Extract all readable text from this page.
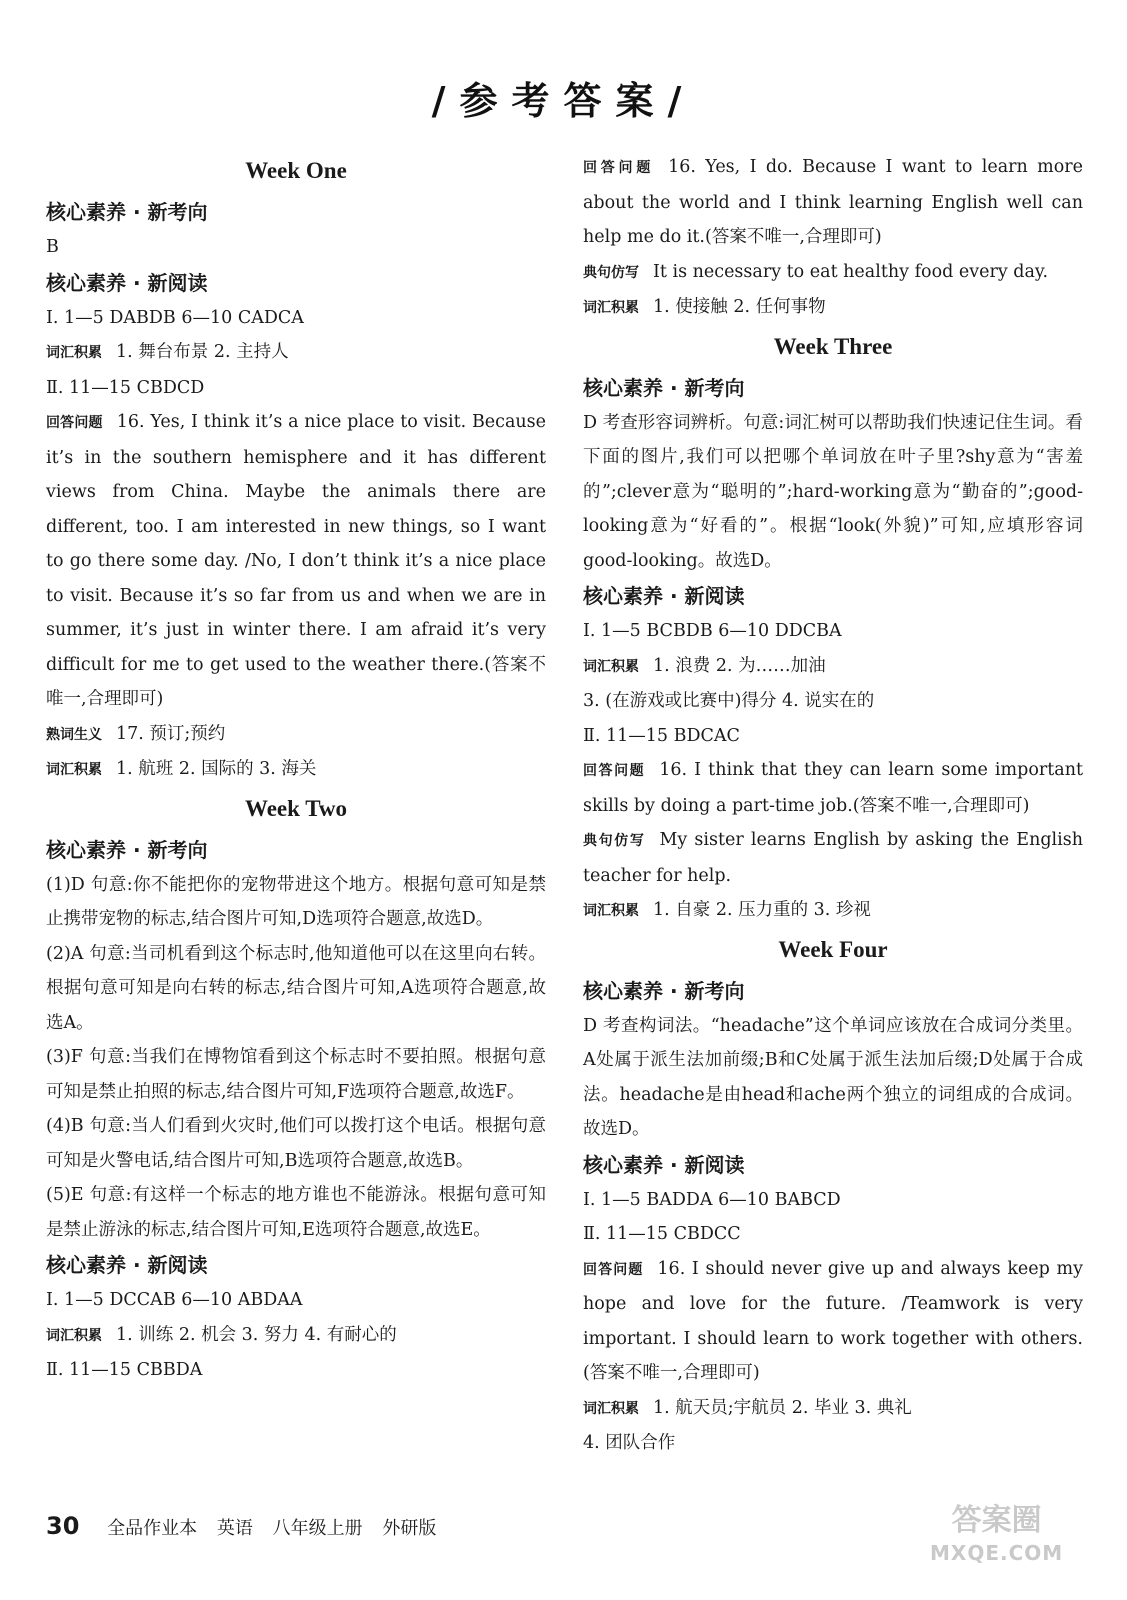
/参考答案/
Week One
核心素养 · 新考向
B
核心素养 · 新阅读
Ⅰ. 1—5 DABDB 6—10 CADCA
词汇积累 1. 舞台布景 2. 主持人
Ⅱ. 11—15 CBDCD
回答问题 16. Yes, I think it’s a nice place to visit. Because it’s in the southern hemisphere and it has different views from China. Maybe the animals there are different, too. I am interested in new things, so I want to go there some day. /No, I don’t think it’s a nice place to visit. Because it’s so far from us and when we are in summer, it’s just in winter there. I am afraid it’s very difficult for me to get used to the weather there.(答案不唯一,合理即可)
熟词生义 17. 预订;预约
词汇积累 1. 航班 2. 国际的 3. 海关
Week Two
核心素养 · 新考向
(1)D 句意:你不能把你的宠物带进这个地方。根据句意可知是禁止携带宠物的标志,结合图片可知,D选项符合题意,故选D。
(2)A 句意:当司机看到这个标志时,他知道他可以在这里向右转。根据句意可知是向右转的标志,结合图片可知,A选项符合题意,故选A。
(3)F 句意:当我们在博物馆看到这个标志时不要拍照。根据句意可知是禁止拍照的标志,结合图片可知,F选项符合题意,故选F。
(4)B 句意:当人们看到火灾时,他们可以拨打这个电话。根据句意可知是火警电话,结合图片可知,B选项符合题意,故选B。
(5)E 句意:有这样一个标志的地方谁也不能游泳。根据句意可知是禁止游泳的标志,结合图片可知,E选项符合题意,故选E。
核心素养 · 新阅读
Ⅰ. 1—5 DCCAB 6—10 ABDAA
词汇积累 1. 训练 2. 机会 3. 努力 4. 有耐心的
Ⅱ. 11—15 CBBDA
回答问题 16. Yes, I do. Because I want to learn more about the world and I think learning English well can help me do it.(答案不唯一,合理即可)
典句仿写 It is necessary to eat healthy food every day.
词汇积累 1. 使接触 2. 任何事物
Week Three
核心素养 · 新考向
D 考查形容词辨析。句意:词汇树可以帮助我们快速记住生词。看下面的图片,我们可以把哪个单词放在叶子里?shy意为“害羞的”;clever意为“聪明的”;hard-working意为“勤奋的”;good-looking意为“好看的”。根据“look(外貌)”可知,应填形容词good-looking。故选D。
核心素养 · 新阅读
Ⅰ. 1—5 BCBDB 6—10 DDCBA
词汇积累 1. 浪费 2. 为……加油
3. (在游戏或比赛中)得分 4. 说实在的
Ⅱ. 11—15 BDCAC
回答问题 16. I think that they can learn some important skills by doing a part-time job.(答案不唯一,合理即可)
典句仿写 My sister learns English by asking the English teacher for help.
词汇积累 1. 自豪 2. 压力重的 3. 珍视
Week Four
核心素养 · 新考向
D 考查构词法。“headache”这个单词应该放在合成词分类里。A处属于派生法加前缀;B和C处属于派生法加后缀;D处属于合成法。headache是由head和ache两个独立的词组成的合成词。故选D。
核心素养 · 新阅读
Ⅰ. 1—5 BADDA 6—10 BABCD
Ⅱ. 11—15 CBDCC
回答问题 16. I should never give up and always keep my hope and love for the future. /Teamwork is very important. I should learn to work together with others.(答案不唯一,合理即可)
词汇积累 1. 航天员;宇航员 2. 毕业 3. 典礼
4. 团队合作
30 全品作业本 英语 八年级上册 外研版	答案圈
MXQE.COM
